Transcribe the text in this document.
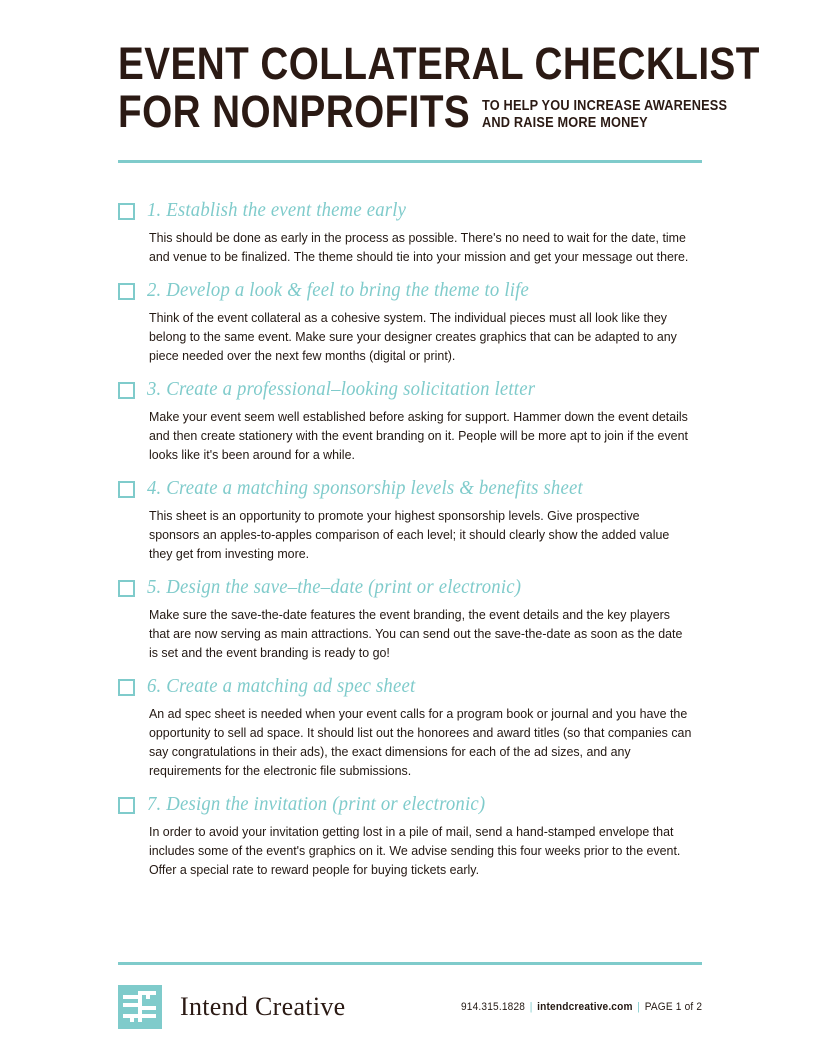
EVENT COLLATERAL CHECKLIST
FOR NONPROFITS TO HELP YOU INCREASE AWARENESS
AND RAISE MORE MONEY
1. Establish the event theme early
This should be done as early in the process as possible. There's no need to wait for the date, time and venue to be finalized. The theme should tie into your mission and get your message out there.
2. Develop a look & feel to bring the theme to life
Think of the event collateral as a cohesive system. The individual pieces must all look like they belong to the same event. Make sure your designer creates graphics that can be adapted to any piece needed over the next few months (digital or print).
3. Create a professional–looking solicitation letter
Make your event seem well established before asking for support. Hammer down the event details and then create stationery with the event branding on it. People will be more apt to join if the event looks like it's been around for a while.
4. Create a matching sponsorship levels & benefits sheet
This sheet is an opportunity to promote your highest sponsorship levels. Give prospective sponsors an apples-to-apples comparison of each level; it should clearly show the added value they get from investing more.
5. Design the save–the–date (print or electronic)
Make sure the save-the-date features the event branding, the event details and the key players that are now serving as main attractions. You can send out the save-the-date as soon as the date is set and the event branding is ready to go!
6. Create a matching ad spec sheet
An ad spec sheet is needed when your event calls for a program book or journal and you have the opportunity to sell ad space. It should list out the honorees and award titles (so that companies can say congratulations in their ads), the exact dimensions for each of the ad sizes, and any requirements for the electronic file submissions.
7. Design the invitation (print or electronic)
In order to avoid your invitation getting lost in a pile of mail, send a hand-stamped envelope that includes some of the event's graphics on it. We advise sending this four weeks prior to the event. Offer a special rate to reward people for buying tickets early.
Intend Creative	914.315.1828 | intendcreative.com | PAGE 1 of 2
